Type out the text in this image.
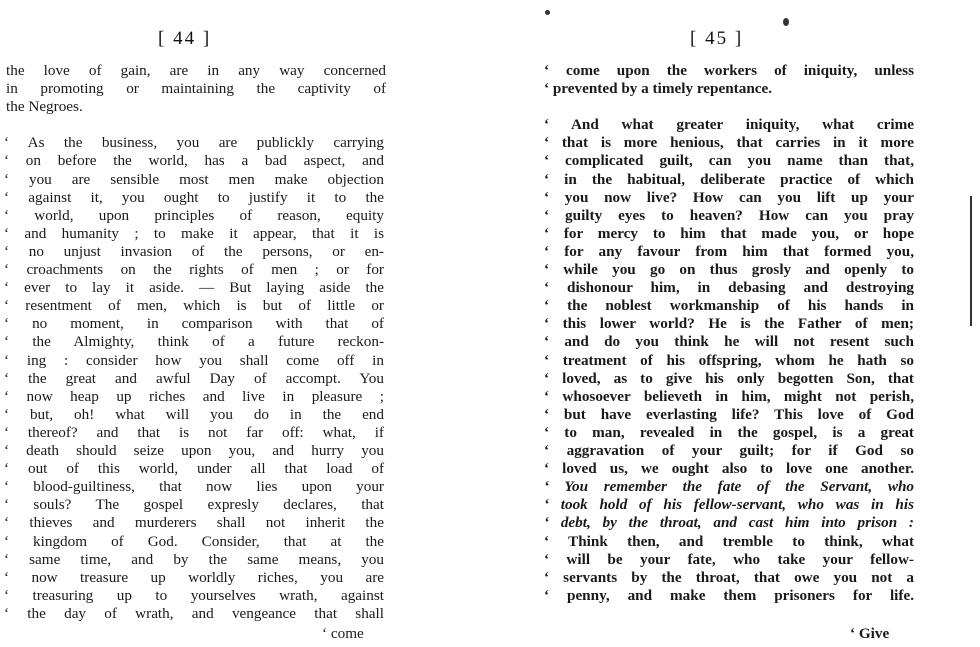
[ 44 ]
the love of gain, are in any way concerned
in promoting or maintaining the captivity of
the Negroes.
‘ As the business, you are publickly carrying
‘ on before the world, has a bad aspect, and
‘ you are sensible most men make objection
‘ against it, you ought to justify it to the
‘ world, upon principles of reason, equity
‘ and humanity ; to make it appear, that it is
‘ no unjust invasion of the persons, or en-
‘ croachments on the rights of men ; or for
‘ ever to lay it aside. — But laying aside the
‘ resentment of men, which is but of little or
‘ no moment, in comparison with that of
‘ the Almighty, think of a future reckon-
‘ ing : consider how you shall come off in
‘ the great and awful Day of accompt. You
‘ now heap up riches and live in pleasure ;
‘ but, oh! what will you do in the end
‘ thereof? and that is not far off: what, if
‘ death should seize upon you, and hurry you
‘ out of this world, under all that load of
‘ blood-guiltiness, that now lies upon your
‘ souls? The gospel expresly declares, that
‘ thieves and murderers shall not inherit the
‘ kingdom of God. Consider, that at the
‘ same time, and by the same means, you
‘ now treasure up worldly riches, you are
‘ treasuring up to yourselves wrath, against
‘ the day of wrath, and vengeance that shall
‘ come
[ 45 ]
‘ come upon the workers of iniquity, unless
‘ prevented by a timely repentance.
‘ And what greater iniquity, what crime
‘ that is more henious, that carries in it more
‘ complicated guilt, can you name than that,
‘ in the habitual, deliberate practice of which
‘ you now live? How can you lift up your
‘ guilty eyes to heaven? How can you pray
‘ for mercy to him that made you, or hope
‘ for any favour from him that formed you,
‘ while you go on thus grosly and openly to
‘ dishonour him, in debasing and destroying
‘ the noblest workmanship of his hands in
‘ this lower world? He is the Father of men;
‘ and do you think he will not resent such
‘ treatment of his offspring, whom he hath so
‘ loved, as to give his only begotten Son, that
‘ whosoever believeth in him, might not perish,
‘ but have everlasting life? This love of God
‘ to man, revealed in the gospel, is a great
‘ aggravation of your guilt; for if God so
‘ loved us, we ought also to love one another.
‘ You remember the fate of the Servant, who
‘ took hold of his fellow-servant, who was in his
‘ debt, by the throat, and cast him into prison :
‘ Think then, and tremble to think, what
‘ will be your fate, who take your fellow-
‘ servants by the throat, that owe you not a
‘ penny, and make them prisoners for life.
‘ Give
